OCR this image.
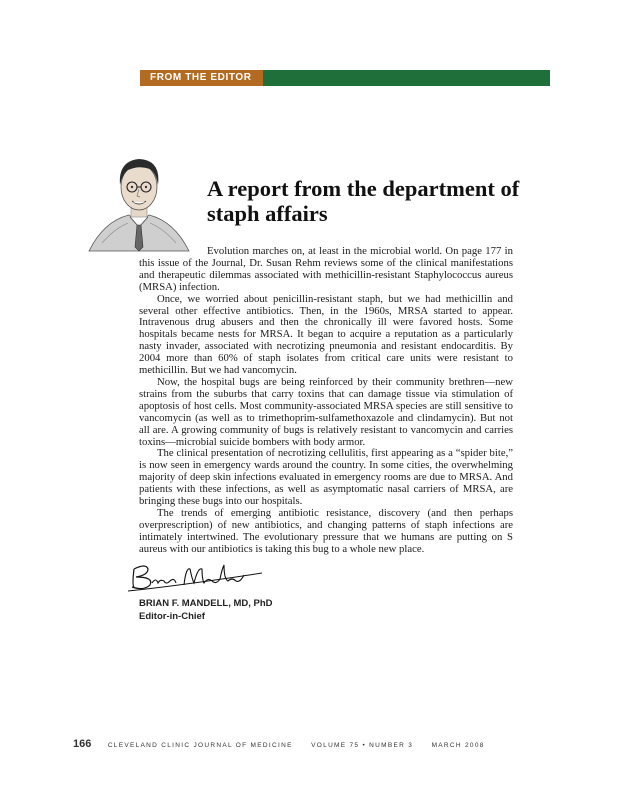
FROM THE EDITOR
A report from the department of staph affairs

Evolution marches on, at least in the microbial world. On page 177 in this issue of the Journal, Dr. Susan Rehm reviews some of the clinical manifestations and therapeutic dilemmas associated with methicillin-resistant Staphylococcus aureus (MRSA) infection.

Once, we worried about penicillin-resistant staph, but we had methicillin and several other effective antibiotics. Then, in the 1960s, MRSA started to appear. Intravenous drug abusers and then the chronically ill were favored hosts. Some hospitals became nests for MRSA. It began to acquire a reputation as a particularly nasty invader, associated with necrotizing pneumonia and resistant endocarditis. By 2004 more than 60% of staph isolates from critical care units were resistant to methicillin. But we had vancomycin.

Now, the hospital bugs are being reinforced by their community brethren—new strains from the suburbs that carry toxins that can damage tissue via stimulation of apoptosis of host cells. Most community-associated MRSA species are still sensitive to vancomycin (as well as to trimethoprim-sulfamethoxazole and clindamycin). But not all are. A growing community of bugs is relatively resistant to vancomycin and carries toxins—microbial suicide bombers with body armor.

The clinical presentation of necrotizing cellulitis, first appearing as a “spider bite,” is now seen in emergency wards around the country. In some cities, the overwhelming majority of deep skin infections evaluated in emergency rooms are due to MRSA. And patients with these infections, as well as asymptomatic nasal carriers of MRSA, are bringing these bugs into our hospitals.

The trends of emerging antibiotic resistance, discovery (and then perhaps overprescription) of new antibiotics, and changing patterns of staph infections are intimately intertwined. The evolutionary pressure that we humans are putting on S aureus with our antibiotics is taking this bug to a whole new place.

BRIAN F. MANDELL, MD, PhD
Editor-in-Chief
166	CLEVELAND CLINIC JOURNAL OF MEDICINE	VOLUME 75 • NUMBER 3	MARCH 2008
